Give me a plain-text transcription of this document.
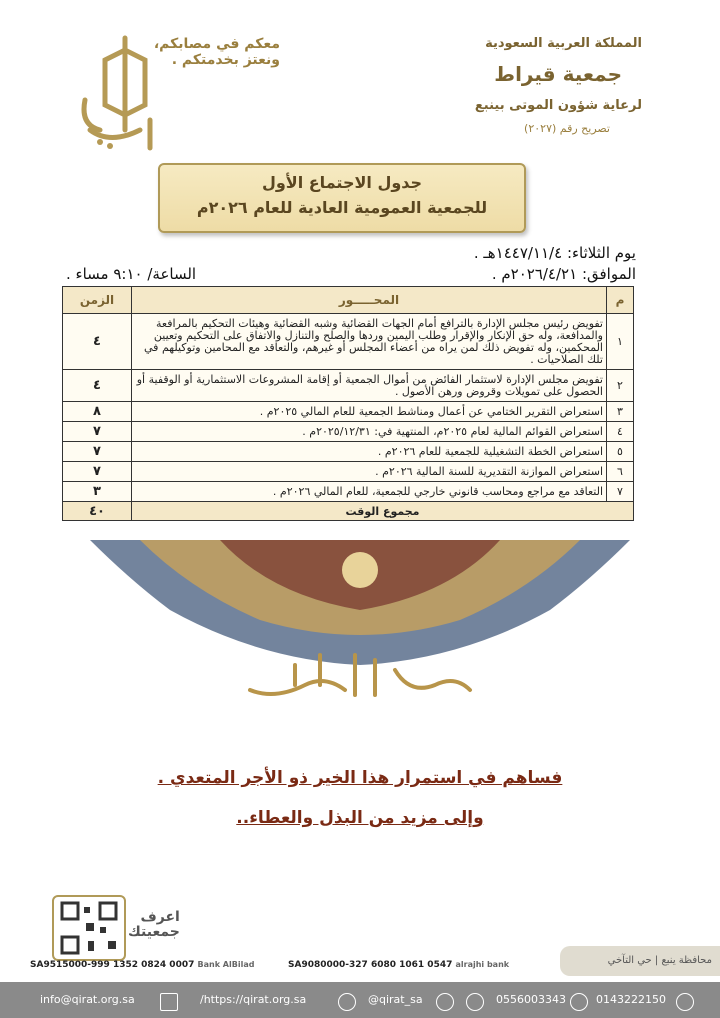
المملكة العربية السعودية
جمعية قيراط
لرعاية شؤون الموتى بينبع
تصريح رقم (٢٠٢٧)
معكم في مصابكم،
ونعتز بخدمتكم .
جدول الاجتماع الأول
للجمعية العمومية العادية للعام ٢٠٢٦م
يوم الثلاثاء: ١٤٤٧/١١/٤هـ .
الموافق: ٢٠٢٦/٤/٢١م .
الساعة/ ٩:١٠ مساء .
م	المحـــــور	الزمن
١	تفويض رئيس مجلس الإدارة بالترافع أمام الجهات القضائية وشبه القضائية وهيئات التحكيم بالمرافعة والمدافعة، وله حق الإنكار والإقرار وطلب اليمين وردها والصلح والتنازل والاتفاق على التحكيم وتعيين المحكمين، وله تفويض ذلك لمن يراه من أعضاء المجلس أو غيرهم، والتعاقد مع المحامين وتوكيلهم في تلك الصلاحيات .	٤
٢	تفويض مجلس الإدارة لاستثمار الفائض من أموال الجمعية أو إقامة المشروعات الاستثمارية أو الوقفية أو الحصول على تمويلات وقروض ورهن الأصول .	٤
٣	استعراض التقرير الختامي عن أعمال ومناشط الجمعية للعام المالي ٢٠٢٥م .	٨
٤	استعراض القوائم المالية لعام ٢٠٢٥م، المنتهية في: ٢٠٢٥/١٢/٣١م .	٧
٥	استعراض الخطة التشغيلية للجمعية للعام ٢٠٢٦م .	٧
٦	استعراض الموازنة التقديرية للسنة المالية ٢٠٢٦م .	٧
٧	التعاقد مع مراجع ومحاسب قانوني خارجي للجمعية، للعام المالي ٢٠٢٦م .	٣
مجموع الوقت		٤٠
فساهم في استمرار هذا الخير ذو الأجر المتعدي .
وإلى مزيد من البذل والعطاء..
اعرف
جمعيتك
SA9515000-999 1352 0824 0007 Bank AlBilad	SA9080000-327 6080 1061 0547 alrajhi bank	محافظة ينبع | حي التآخي
info@qirat.org.sa	/https://qirat.org.sa	@qirat_sa	0556003343	0143222150
